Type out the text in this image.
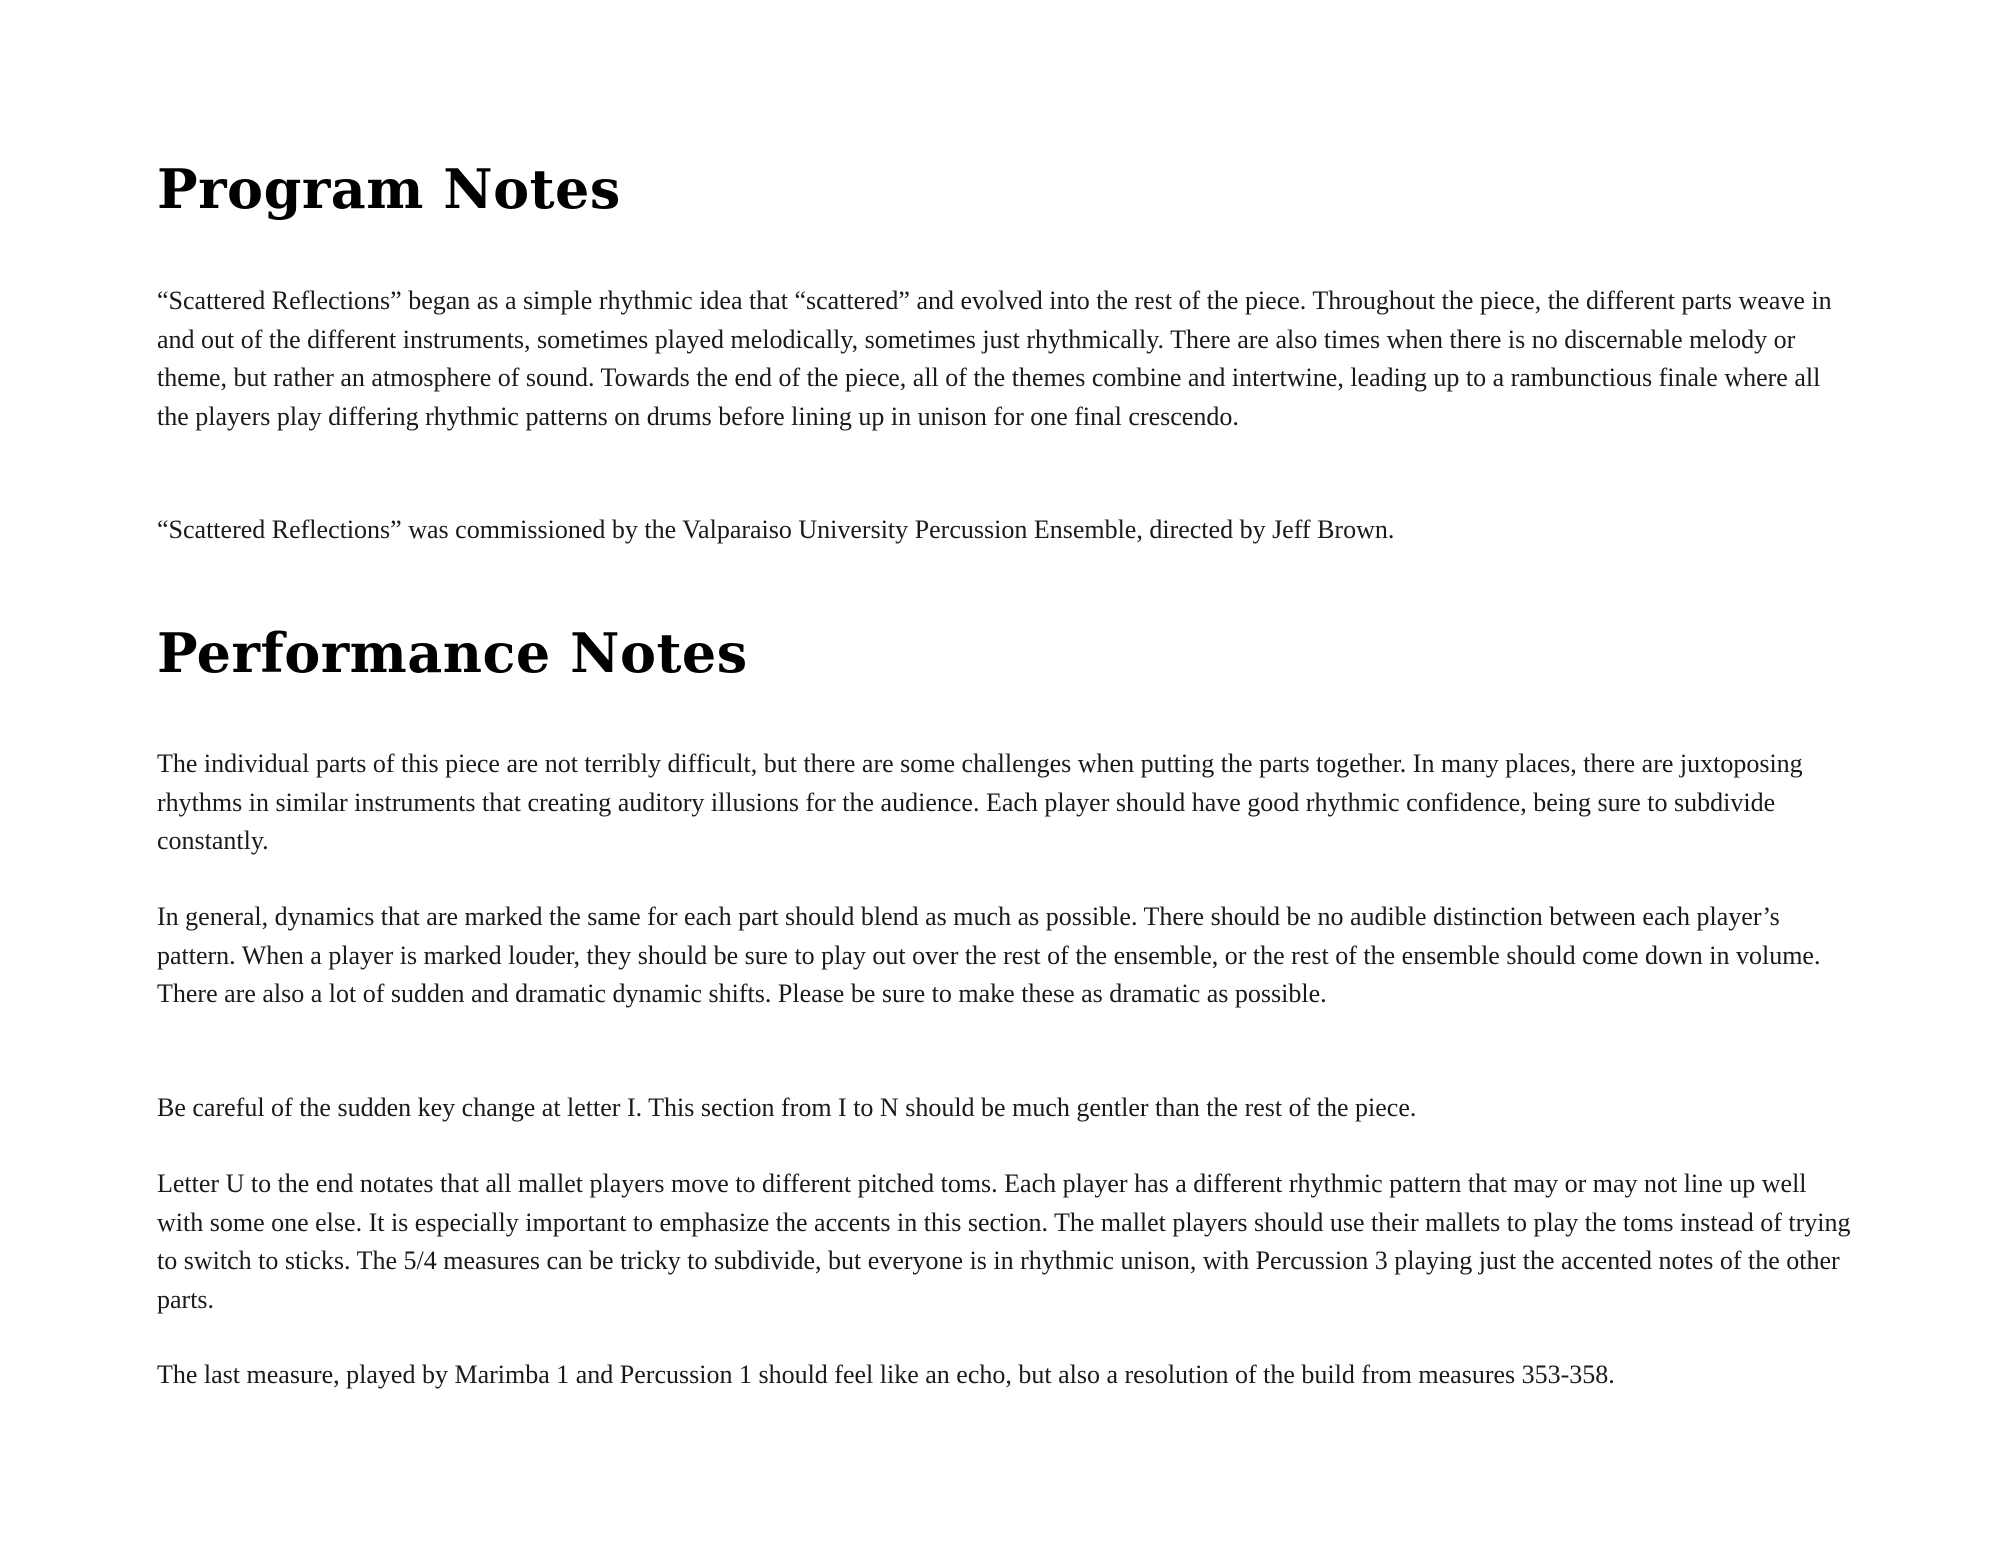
Program Notes

“Scattered Reflections” began as a simple rhythmic idea that “scattered” and evolved into the rest of the piece. Throughout the piece, the different parts weave in and out of the different instruments, sometimes played melodically, sometimes just rhythmically. There are also times when there is no discernable melody or theme, but rather an atmosphere of sound. Towards the end of the piece, all of the themes combine and intertwine, leading up to a rambunctious finale where all the players play differing rhythmic patterns on drums before lining up in unison for one final crescendo.

“Scattered Reflections” was commissioned by the Valparaiso University Percussion Ensemble, directed by Jeff Brown.

Performance Notes

The individual parts of this piece are not terribly difficult, but there are some challenges when putting the parts together. In many places, there are juxtoposing rhythms in similar instruments that creating auditory illusions for the audience. Each player should have good rhythmic confidence, being sure to subdivide constantly.

In general, dynamics that are marked the same for each part should blend as much as possible. There should be no audible distinction between each player’s pattern. When a player is marked louder, they should be sure to play out over the rest of the ensemble, or the rest of the ensemble should come down in volume. There are also a lot of sudden and dramatic dynamic shifts. Please be sure to make these as dramatic as possible.

Be careful of the sudden key change at letter I. This section from I to N should be much gentler than the rest of the piece.

Letter U to the end notates that all mallet players move to different pitched toms. Each player has a different rhythmic pattern that may or may not line up well with some one else. It is especially important to emphasize the accents in this section. The mallet players should use their mallets to play the toms instead of trying to switch to sticks. The 5/4 measures can be tricky to subdivide, but everyone is in rhythmic unison, with Percussion 3 playing just the accented notes of the other parts.

The last measure, played by Marimba 1 and Percussion 1 should feel like an echo, but also a resolution of the build from measures 353-358.
